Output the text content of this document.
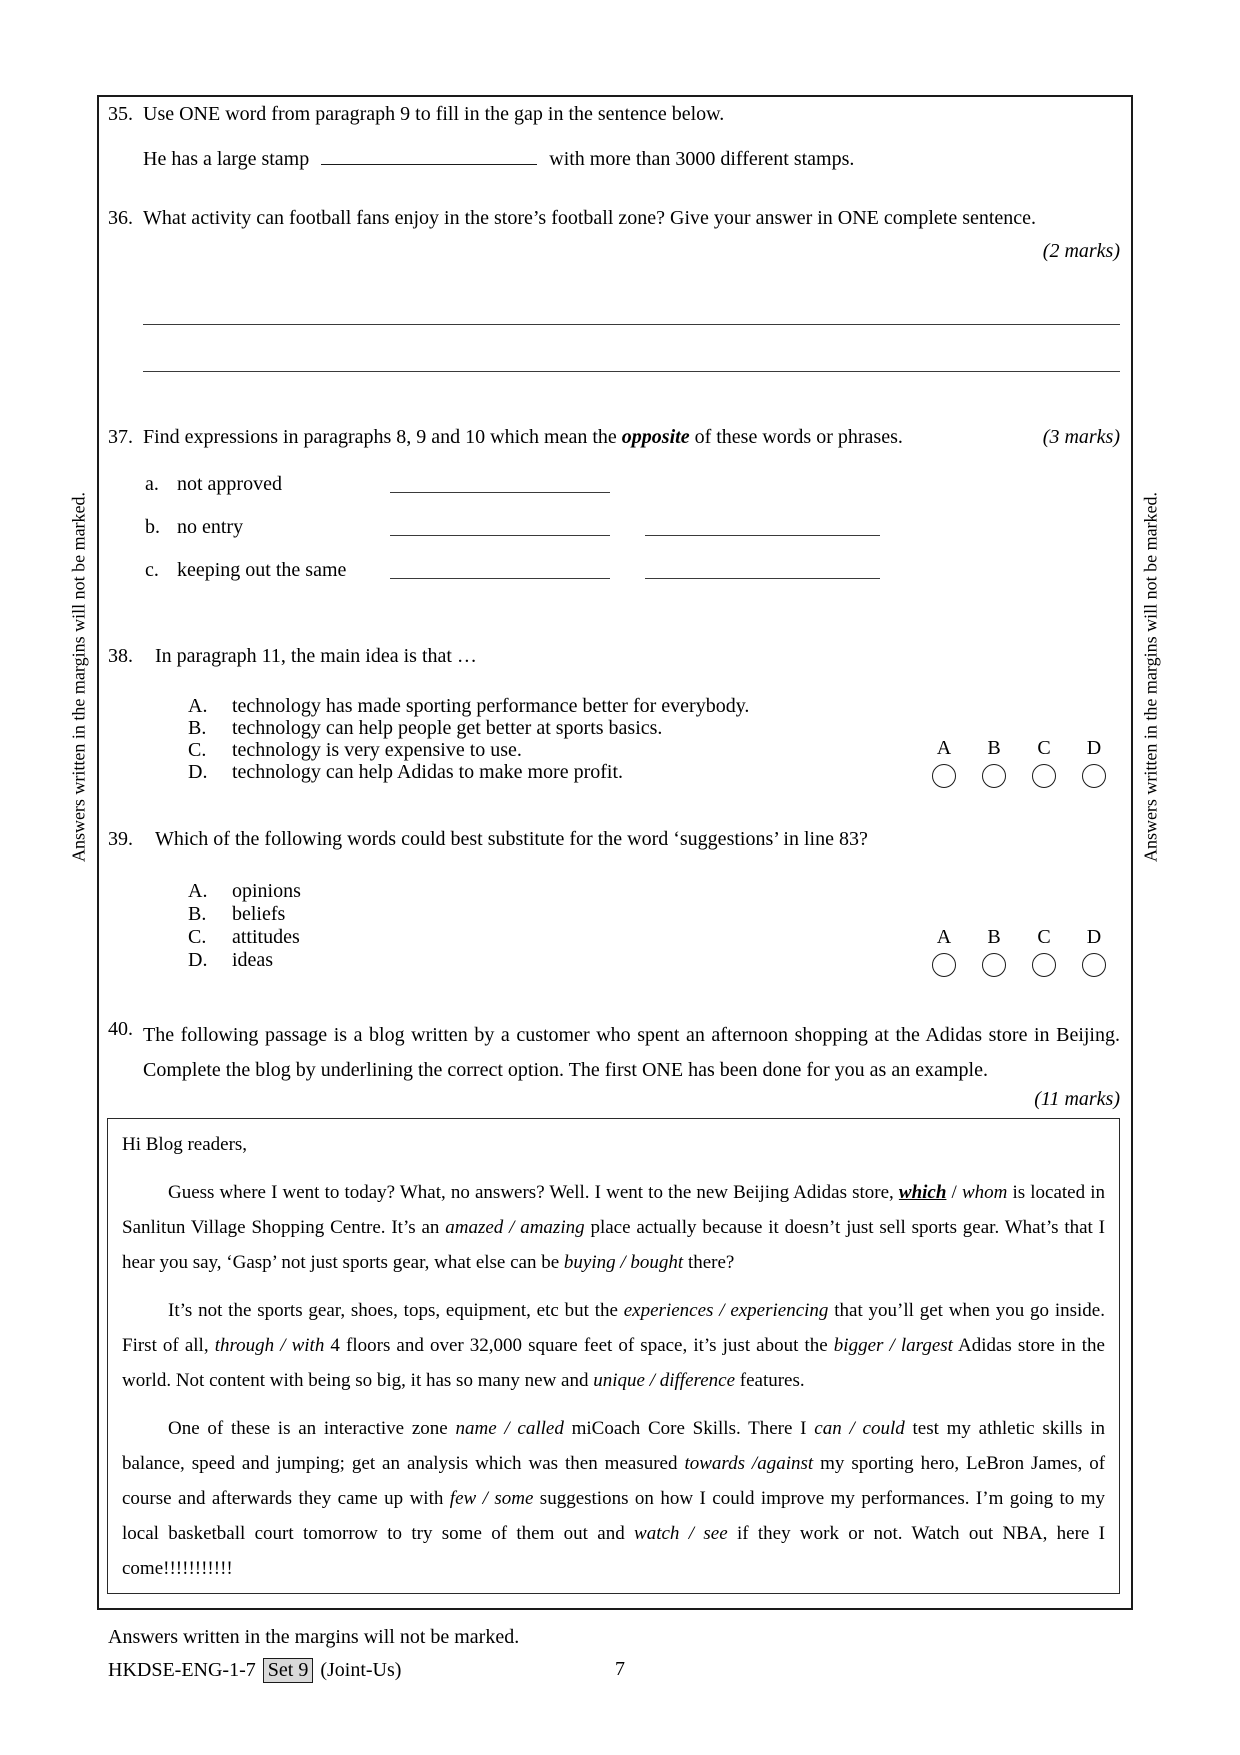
Answers written in the margins will not be marked.	Answers written in the margins will not be marked.
35. Use ONE word from paragraph 9 to fill in the gap in the sentence below.
He has a large stamp	with more than 3000 different stamps.
36. What activity can football fans enjoy in the store’s football zone? Give your answer in ONE complete sentence.
(2 marks)
37. Find expressions in paragraphs 8, 9 and 10 which mean the opposite of these words or phrases.	(3 marks)
a. not approved
b. no entry
c. keeping out the same
38. In paragraph 11, the main idea is that …
A. technology has made sporting performance better for everybody.
B. technology can help people get better at sports basics.
C. technology is very expensive to use.
D. technology can help Adidas to make more profit.
A B C D
39. Which of the following words could best substitute for the word ‘suggestions’ in line 83?
A. opinions
B. beliefs
C. attitudes
D. ideas
A B C D
40. The following passage is a blog written by a customer who spent an afternoon shopping at the Adidas store in Beijing. Complete the blog by underlining the correct option. The first ONE has been done for you as an example.
(11 marks)

Hi Blog readers,

Guess where I went to today? What, no answers? Well. I went to the new Beijing Adidas store, which / whom is located in Sanlitun Village Shopping Centre. It’s an amazed / amazing place actually because it doesn’t just sell sports gear. What’s that I hear you say, ‘Gasp’ not just sports gear, what else can be buying / bought there?

It’s not the sports gear, shoes, tops, equipment, etc but the experiences / experiencing that you’ll get when you go inside. First of all, through / with 4 floors and over 32,000 square feet of space, it’s just about the bigger / largest Adidas store in the world. Not content with being so big, it has so many new and unique / difference features.

One of these is an interactive zone name / called miCoach Core Skills. There I can / could test my athletic skills in balance, speed and jumping; get an analysis which was then measured towards /against my sporting hero, LeBron James, of course and afterwards they came up with few / some suggestions on how I could improve my performances. I’m going to my local basketball court tomorrow to try some of them out and watch / see if they work or not. Watch out NBA, here I come!!!!!!!!!!!

Answers written in the margins will not be marked.
HKDSE-ENG-1-7 Set 9 (Joint-Us)	7
